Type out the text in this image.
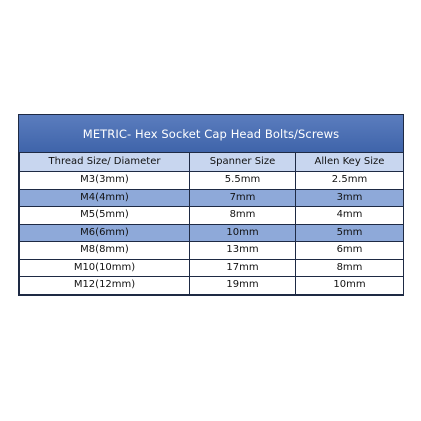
METRIC- Hex Socket Cap Head Bolts/Screws
Thread Size/ Diameter	Spanner Size	Allen Key Size
M3(3mm)	5.5mm	2.5mm
M4(4mm)	7mm	3mm
M5(5mm)	8mm	4mm
M6(6mm)	10mm	5mm
M8(8mm)	13mm	6mm
M10(10mm)	17mm	8mm
M12(12mm)	19mm	10mm
